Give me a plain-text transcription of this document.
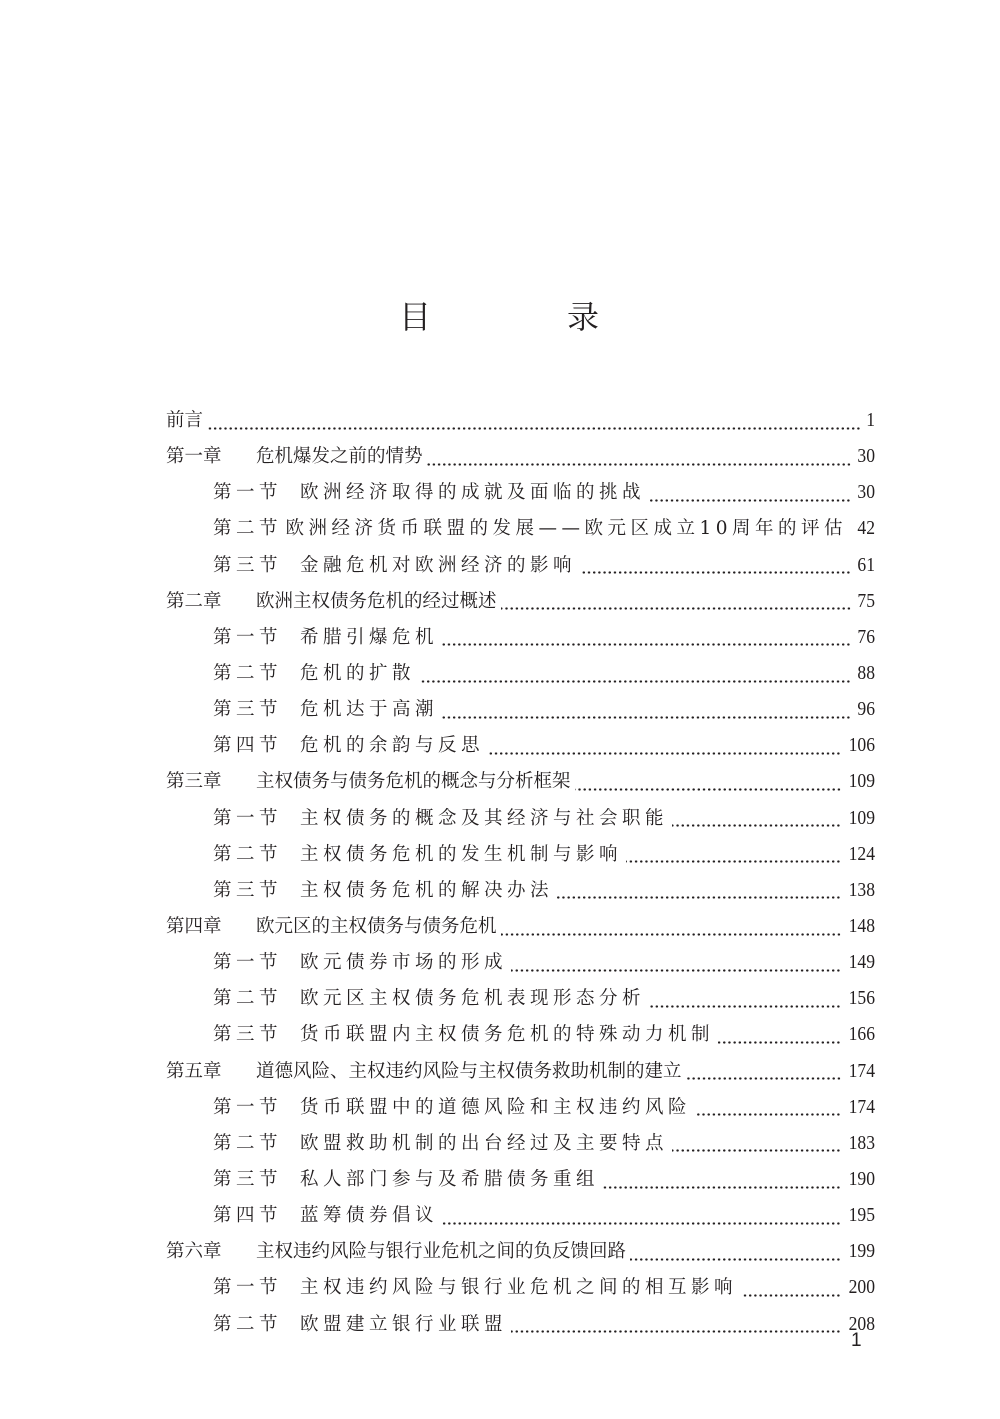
目　录
前言	1
第一章	危机爆发之前的情势	30
第一节 欧洲经济取得的成就及面临的挑战	30
第二节 欧洲经济货币联盟的发展——欧元区成立10周年的评估 42
第三节 金融危机对欧洲经济的影响	61
第二章	欧洲主权债务危机的经过概述	75
第一节 希腊引爆危机	76
第二节 危机的扩散	88
第三节 危机达于高潮	96
第四节 危机的余韵与反思	106
第三章	主权债务与债务危机的概念与分析框架	109
第一节 主权债务的概念及其经济与社会职能	109
第二节 主权债务危机的发生机制与影响	124
第三节 主权债务危机的解决办法	138
第四章	欧元区的主权债务与债务危机	148
第一节 欧元债券市场的形成	149
第二节 欧元区主权债务危机表现形态分析	156
第三节 货币联盟内主权债务危机的特殊动力机制	166
第五章	道德风险、主权违约风险与主权债务救助机制的建立	174
第一节 货币联盟中的道德风险和主权违约风险	174
第二节 欧盟救助机制的出台经过及主要特点	183
第三节 私人部门参与及希腊债务重组	190
第四节 蓝筹债券倡议	195
第六章	主权违约风险与银行业危机之间的负反馈回路	199
第一节 主权违约风险与银行业危机之间的相互影响	200
第二节 欧盟建立银行业联盟	208
1
